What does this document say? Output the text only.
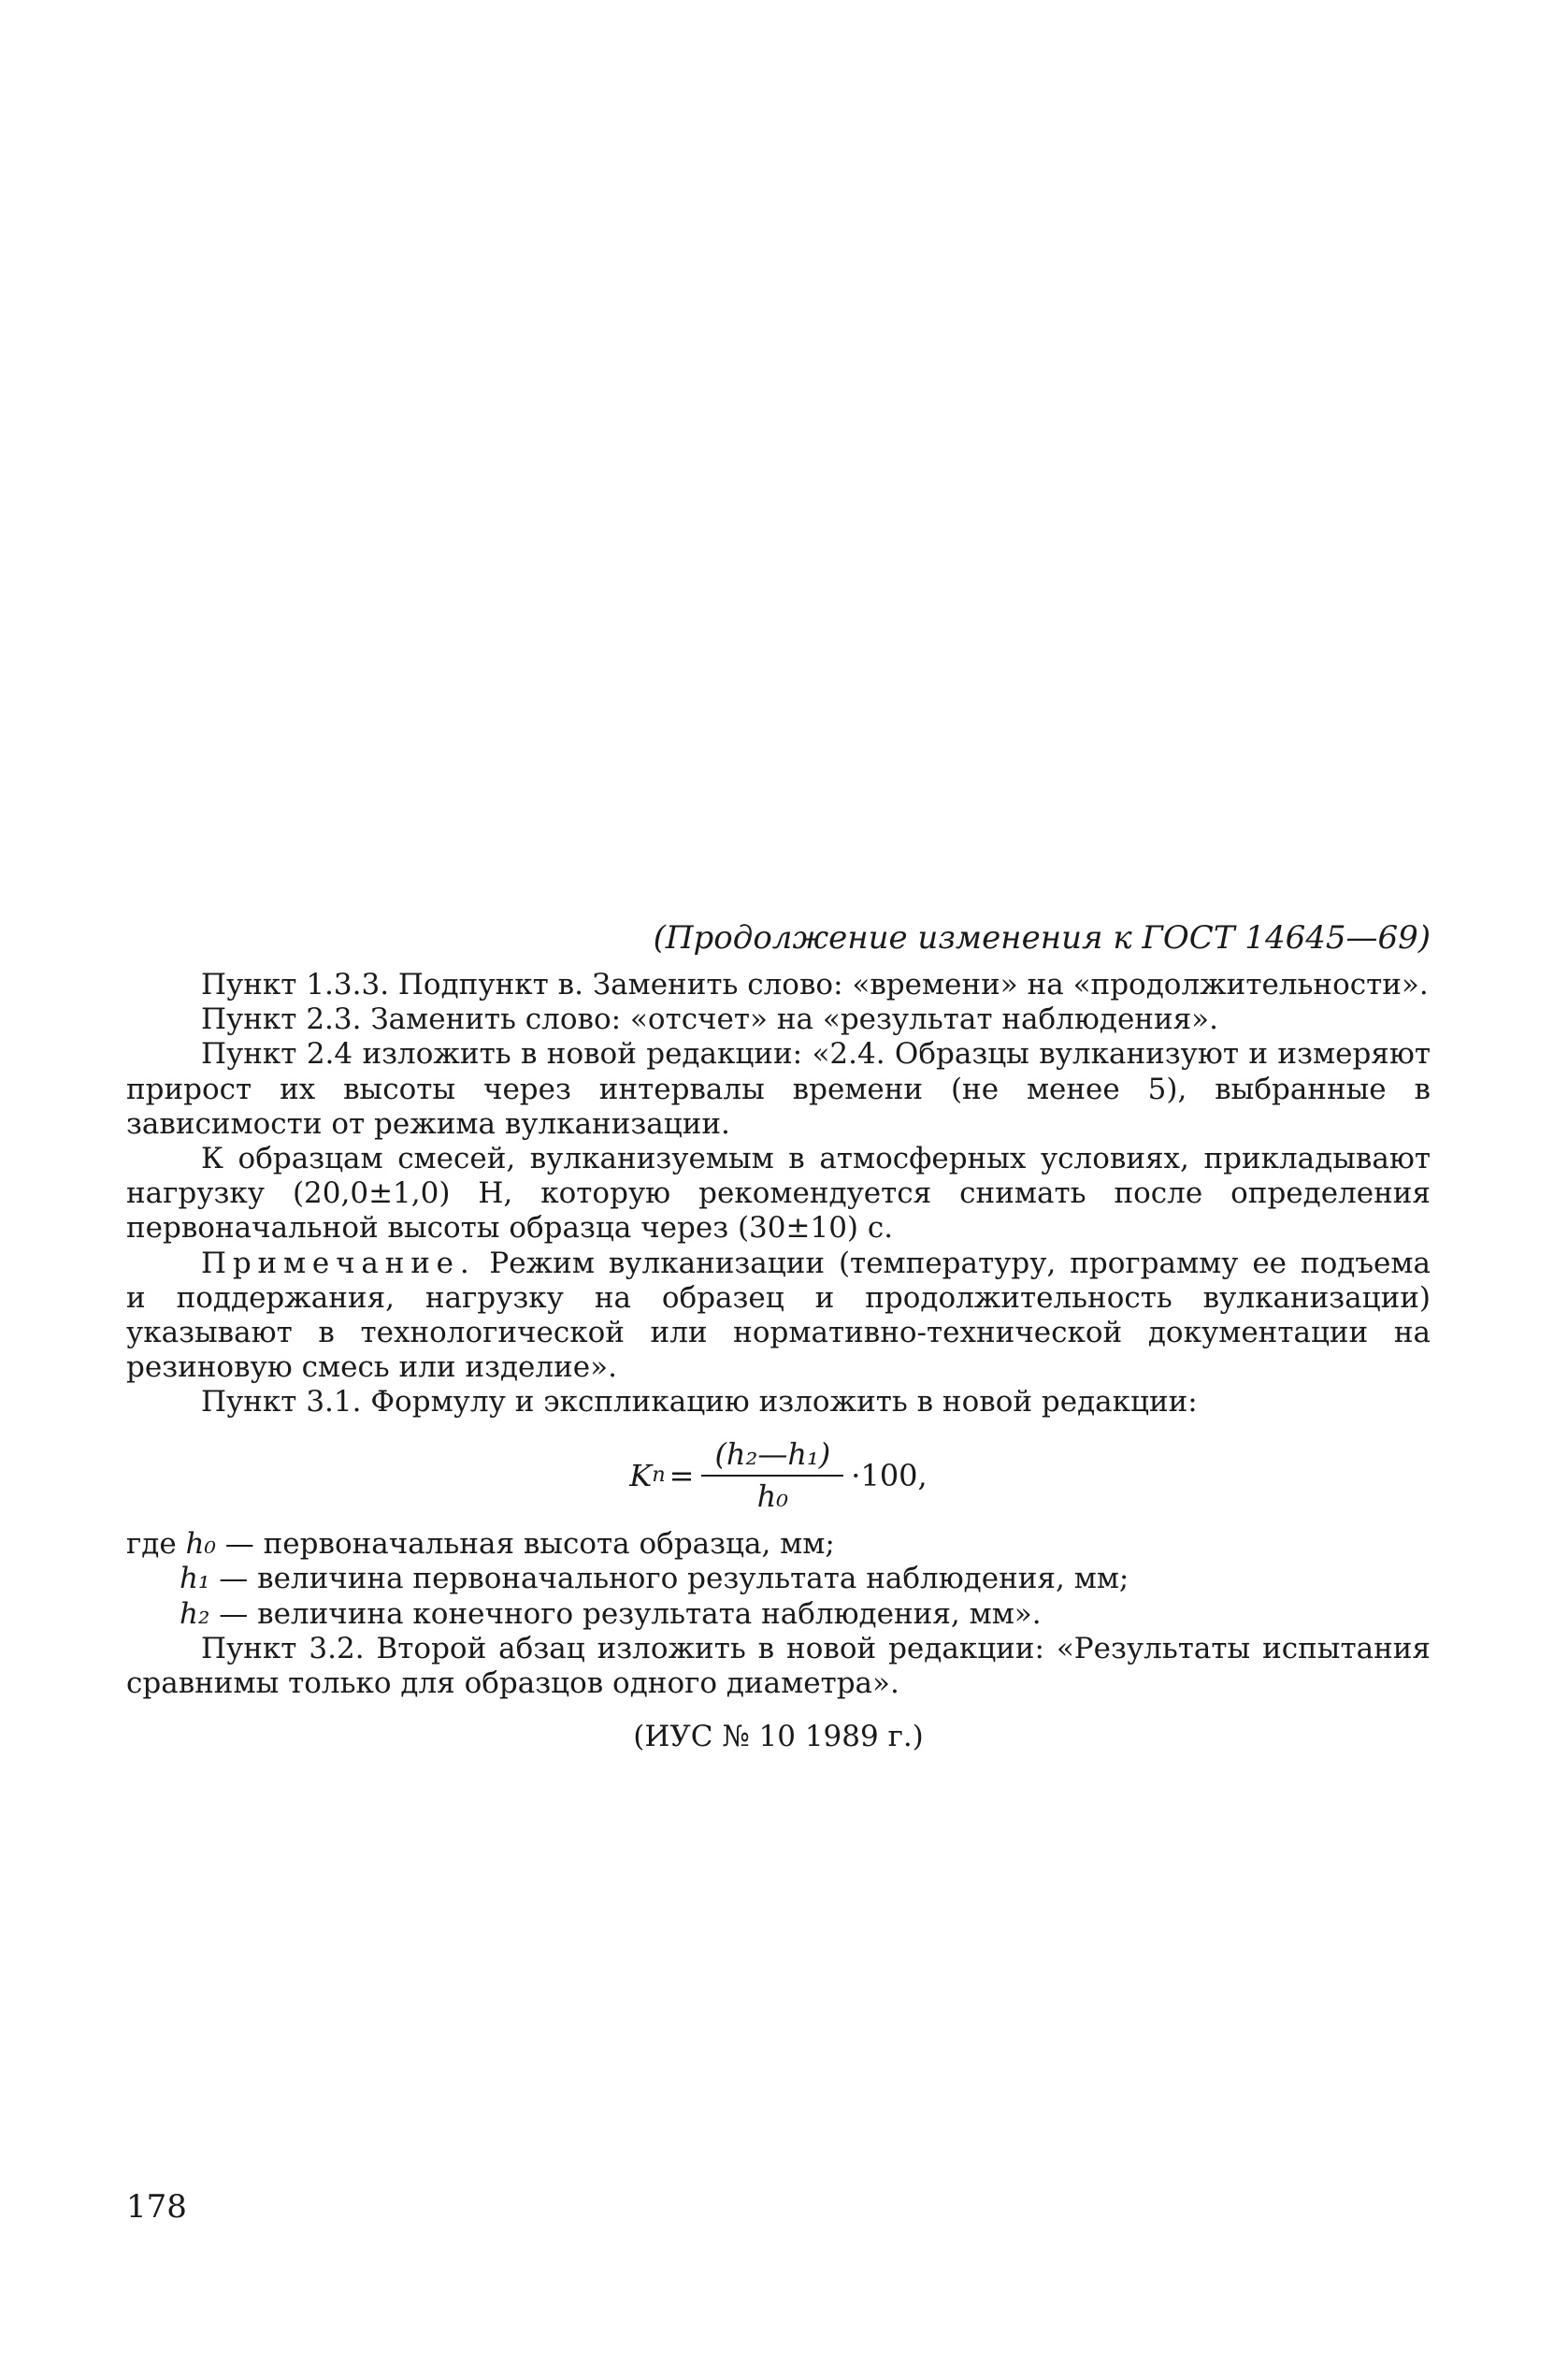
(Продолжение изменения к ГОСТ 14645—69)

Пункт 1.3.3. Подпункт в. Заменить слово: «времени» на «продолжительности».

Пункт 2.3. Заменить слово: «отсчет» на «результат наблюдения».

Пункт 2.4 изложить в новой редакции: «2.4. Образцы вулканизуют и измеряют прирост их высоты через интервалы времени (не менее 5), выбранные в зависимости от режима вулканизации.

К образцам смесей, вулканизуемым в атмосферных условиях, прикладывают нагрузку (20,0±1,0) Н, которую рекомендуется снимать после определения первоначальной высоты образца через (30±10) с.

Примечание. Режим вулканизации (температуру, программу ее подъема и поддержания, нагрузку на образец и продолжительность вулканизации) указывают в технологической или нормативно-технической документации на резиновую смесь или изделие».

Пункт 3.1. Формулу и экспликацию изложить в новой редакции:

K $п = \frac{\text{(h₂—h₁)}}{\text{h₀}} \cdot 100$,
где h₀ — первоначальная высота образца, мм;
h₁ — величина первоначального результата наблюдения, мм;
h₂ — величина конечного результата наблюдения, мм».

Пункт 3.2. Второй абзац изложить в новой редакции: «Результаты испытания сравнимы только для образцов одного диаметра».

(ИУС № 10 1989 г.)

178
